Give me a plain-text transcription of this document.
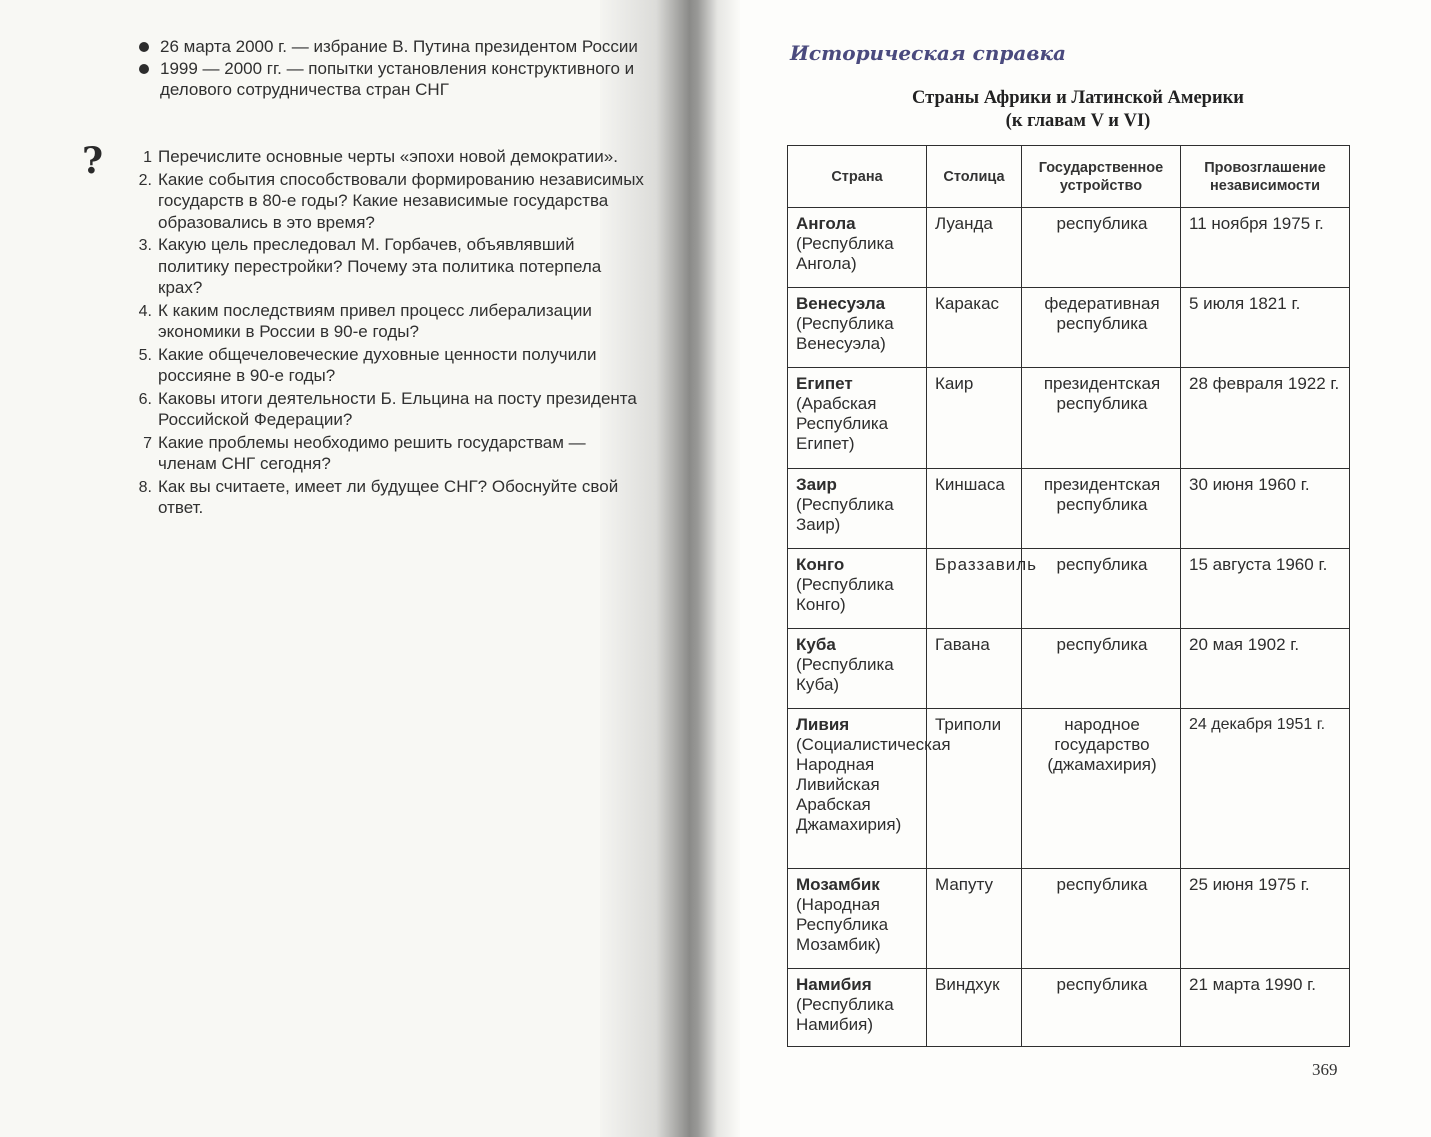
26 марта 2000 г. — избрание В. Путина президентом России
1999 — 2000 гг. — попытки установления конструктивного и делового сотрудничества стран СНГ
?	1 Перечислите основные черты «эпохи новой демократии».
2. Какие события способствовали формированию независимых государств в 80-е годы? Какие независимые государства образовались в это время?
3. Какую цель преследовал М. Горбачев, объявлявший политику перестройки? Почему эта политика потерпела крах?
4. К каким последствиям привел процесс либерализации экономики в России в 90-е годы?
5. Какие общечеловеческие духовные ценности получили россияне в 90-е годы?
6. Каковы итоги деятельности Б. Ельцина на посту президента Российской Федерации?
7 Какие проблемы необходимо решить государствам — членам СНГ сегодня?
8. Как вы считаете, имеет ли будущее СНГ? Обоснуйте свой ответ.
Историческая справка
Страны Африки и Латинской Америки
(к главам V и VI)
Страна	Столица	Государственное устройство	Провозглашение независимости

Ангола
(Республика Ангола)	Луанда	республика	11 ноября 1975 г.

Венесуэла
(Республика Венесуэла)	Каракас	федеративная республика	5 июля 1821 г.

Египет
(Арабская Республика Египет)	Каир	президентская республика	28 февраля 1922 г.

Заир
(Республика Заир)	Киншаса	президентская республика	30 июня 1960 г.

Конго
(Республика Конго)	Браззавиль	республика	15 августа 1960 г.

Куба
(Республика Куба)	Гавана	республика	20 мая 1902 г.

Ливия
(Социалистическая Народная Ливийская Арабская Джамахирия)	Триполи	народное государство (джамахирия)	24 декабря 1951 г.

Мозамбик
(Народная Республика Мозамбик)	Мапуту	республика	25 июня 1975 г.

Намибия
(Республика Намибия)	Виндхук	республика	21 марта 1990 г.
369
